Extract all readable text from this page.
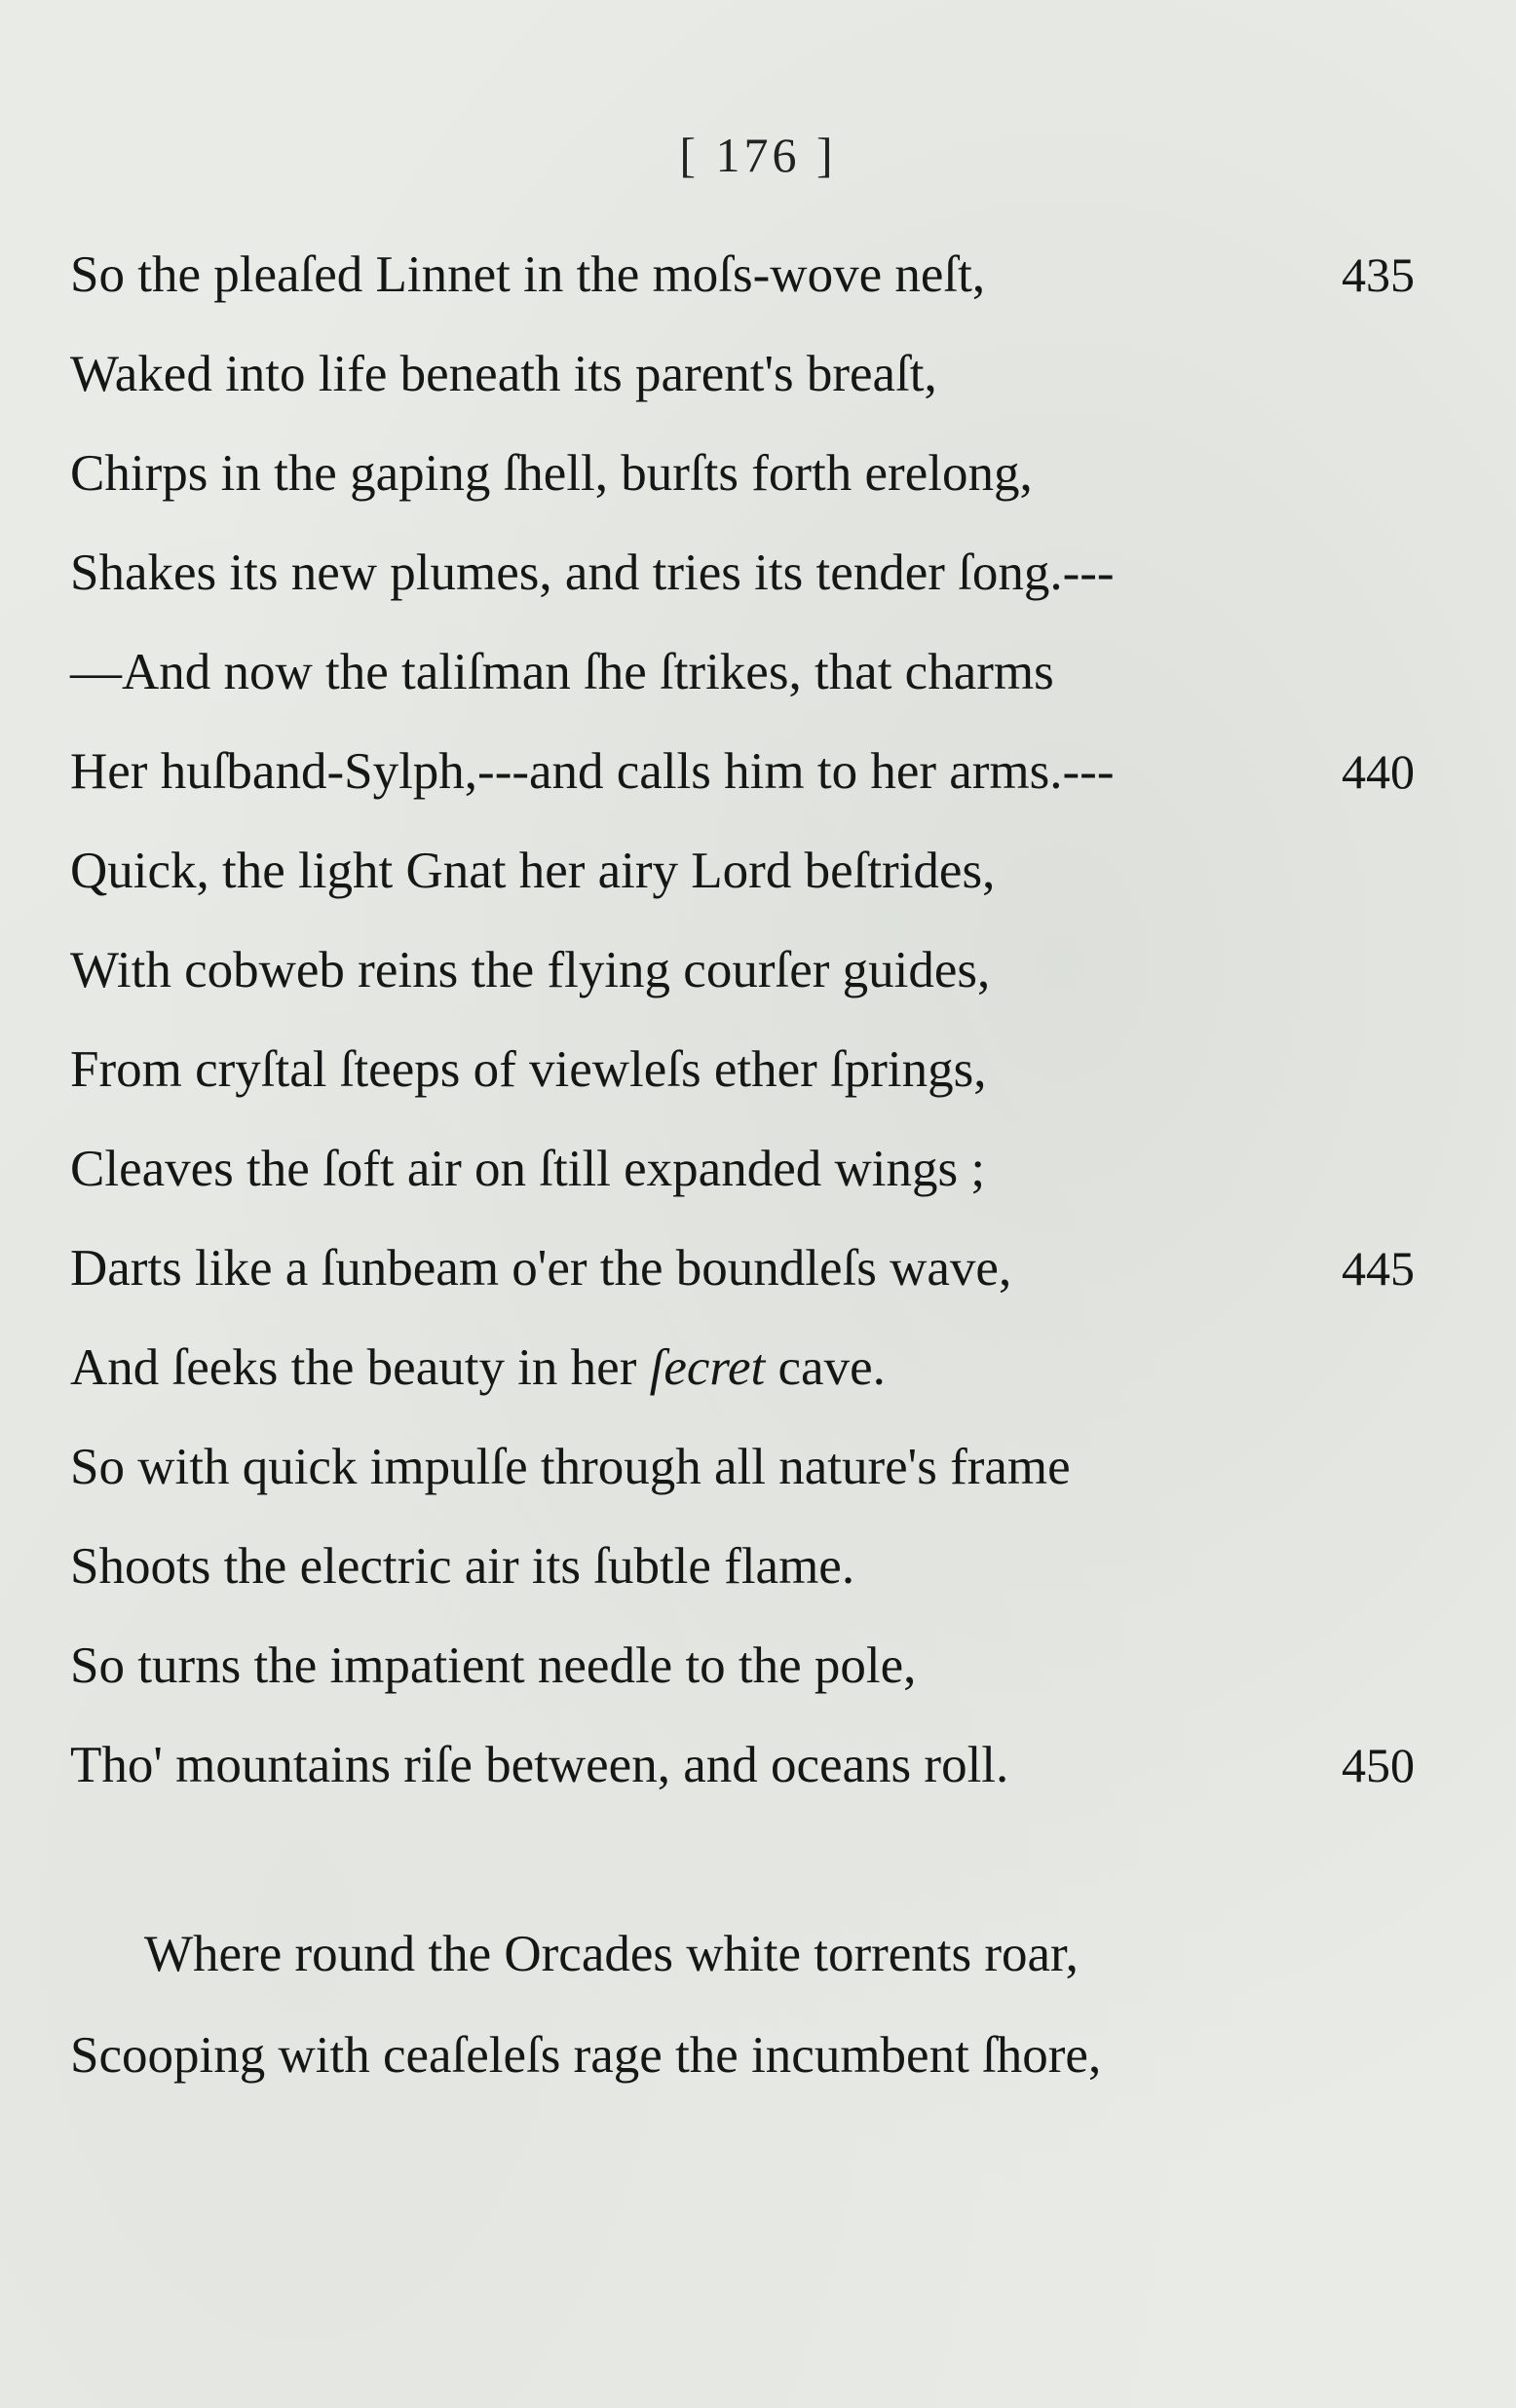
[ 176 ]
So the pleaſed Linnet in the moſs-wove neſt,	435
Waked into life beneath its parent's breaſt,
Chirps in the gaping ſhell, burſts forth erelong,
Shakes its new plumes, and tries its tender ſong.---
—And now the taliſman ſhe ſtrikes, that charms
Her huſband-Sylph,---and calls him to her arms.---	440
Quick, the light Gnat her airy Lord beſtrides,
With cobweb reins the flying courſer guides,
From cryſtal ſteeps of viewleſs ether ſprings,
Cleaves the ſoft air on ſtill expanded wings ;
Darts like a ſunbeam o'er the boundleſs wave,	445
And ſeeks the beauty in her ſecret cave.
So with quick impulſe through all nature's frame
Shoots the electric air its ſubtle flame.
So turns the impatient needle to the pole,
Tho' mountains riſe between, and oceans roll.	450
Where round the Orcades white torrents roar,
Scooping with ceaſeleſs rage the incumbent ſhore,
